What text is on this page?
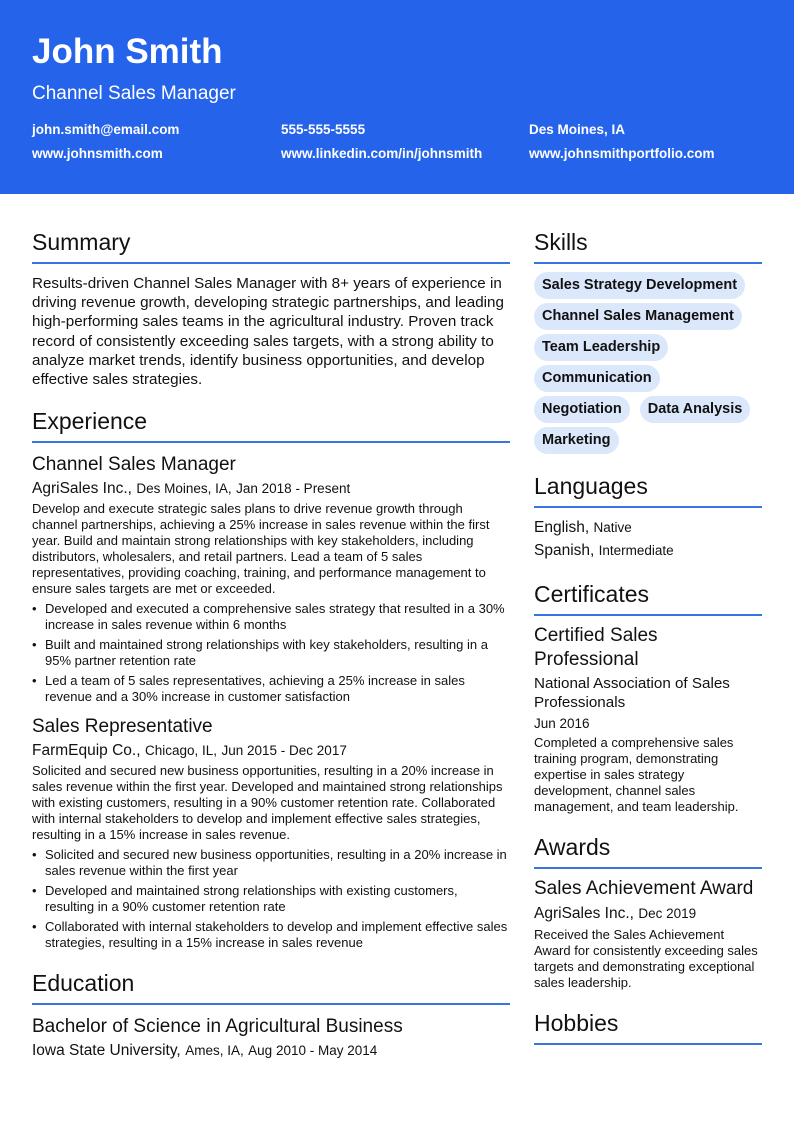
John Smith
Channel Sales Manager
john.smith@email.com	555-555-5555	Des Moines, IA
www.johnsmith.com	www.linkedin.com/in/johnsmith	www.johnsmithportfolio.com
Summary
Results-driven Channel Sales Manager with 8+ years of experience in driving revenue growth, developing strategic partnerships, and leading high-performing sales teams in the agricultural industry. Proven track record of consistently exceeding sales targets, with a strong ability to analyze market trends, identify business opportunities, and develop effective sales strategies.
Experience
Channel Sales Manager
AgriSales Inc., Des Moines, IA, Jan 2018 - Present
Develop and execute strategic sales plans to drive revenue growth through channel partnerships, achieving a 25% increase in sales revenue within the first year. Build and maintain strong relationships with key stakeholders, including distributors, wholesalers, and retail partners. Lead a team of 5 sales representatives, providing coaching, training, and performance management to ensure sales targets are met or exceeded.
• Developed and executed a comprehensive sales strategy that resulted in a 30% increase in sales revenue within 6 months
• Built and maintained strong relationships with key stakeholders, resulting in a 95% partner retention rate
• Led a team of 5 sales representatives, achieving a 25% increase in sales revenue and a 30% increase in customer satisfaction
Sales Representative
FarmEquip Co., Chicago, IL, Jun 2015 - Dec 2017
Solicited and secured new business opportunities, resulting in a 20% increase in sales revenue within the first year. Developed and maintained strong relationships with existing customers, resulting in a 90% customer retention rate. Collaborated with internal stakeholders to develop and implement effective sales strategies, resulting in a 15% increase in sales revenue.
• Solicited and secured new business opportunities, resulting in a 20% increase in sales revenue within the first year
• Developed and maintained strong relationships with existing customers, resulting in a 90% customer retention rate
• Collaborated with internal stakeholders to develop and implement effective sales strategies, resulting in a 15% increase in sales revenue
Education
Bachelor of Science in Agricultural Business
Iowa State University, Ames, IA, Aug 2010 - May 2014
Skills
Sales Strategy Development
Channel Sales Management
Team Leadership
Communication
Negotiation	Data Analysis
Marketing
Languages
English, Native
Spanish, Intermediate
Certificates
Certified Sales Professional
National Association of Sales Professionals
Jun 2016
Completed a comprehensive sales training program, demonstrating expertise in sales strategy development, channel sales management, and team leadership.
Awards
Sales Achievement Award
AgriSales Inc., Dec 2019
Received the Sales Achievement Award for consistently exceeding sales targets and demonstrating exceptional sales leadership.
Hobbies
